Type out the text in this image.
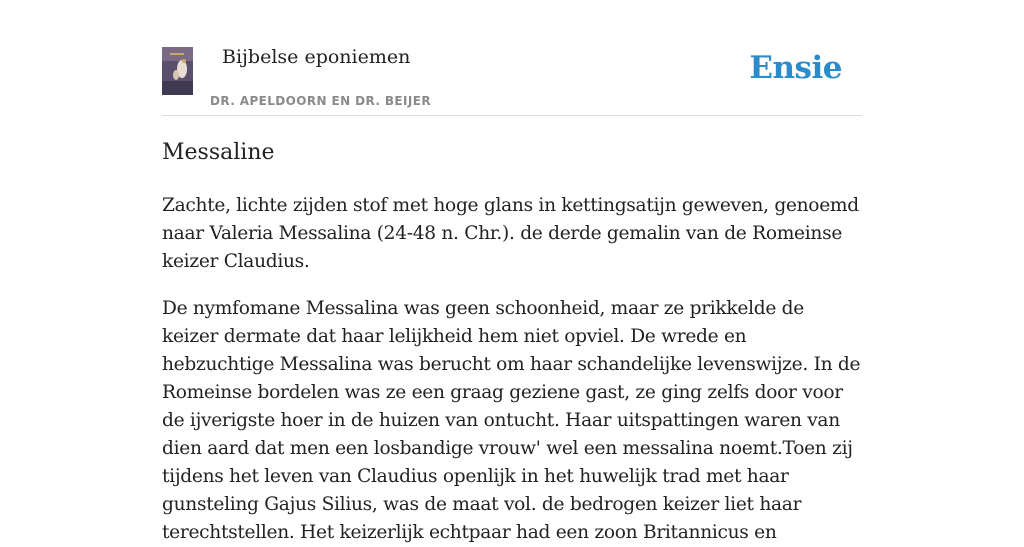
Bijbelse eponiemen
DR. APELDOORN EN DR. BEIJER
Ensie
Messaline

Zachte, lichte zijden stof met hoge glans in kettingsatijn geweven, genoemd naar Valeria Messalina (24-48 n. Chr.). de derde gemalin van de Romeinse keizer Claudius.

De nymfomane Messalina was geen schoonheid, maar ze prikkelde de keizer dermate dat haar lelijkheid hem niet opviel. De wrede en hebzuchtige Messalina was berucht om haar schandelijke levenswijze. In de Romeinse bordelen was ze een graag geziene gast, ze ging zelfs door voor de ijverigste hoer in de huizen van ontucht. Haar uitspattingen waren van dien aard dat men een losbandige vrouw' wel een messalina noemt.Toen zij tijdens het leven van Claudius openlijk in het huwelijk trad met haar gunsteling Gajus Silius, was de maat vol. de bedrogen keizer liet haar terechtstellen. Het keizerlijk echtpaar had een zoon Britannicus en
